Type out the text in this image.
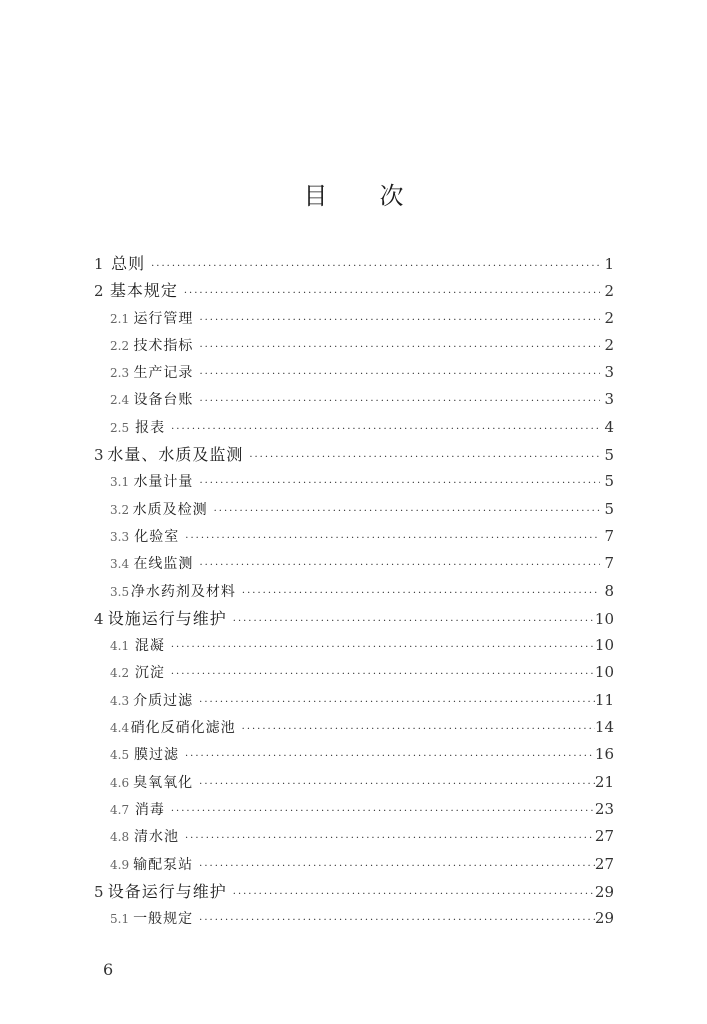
目 次
1 总则 ·····	1
2 基本规定 ·····	2
2.1 运行管理 ·····	2
2.2 技术指标 ·····	2
2.3 生产记录 ·····	3
2.4 设备台账 ·····	3
2.5 报表 ·····	4
3 水量、水质及监测 ·····	5
3.1 水量计量 ·····	5
3.2 水质及检测 ·····	5
3.3 化验室 ·····	7
3.4 在线监测 ·····	7
3.5 净水药剂及材料 ·····	8
4 设施运行与维护 ·····	10
4.1 混凝 ·····	10
4.2 沉淀 ·····	10
4.3 介质过滤 ·····	11
4.4 硝化反硝化滤池 ·····	14
4.5 膜过滤 ·····	16
4.6 臭氧氧化 ·····	21
4.7 消毒 ·····	23
4.8 清水池 ·····	27
4.9 输配泵站 ·····	27
5 设备运行与维护 ·····	29
5.1 一般规定 ·····	29
6
